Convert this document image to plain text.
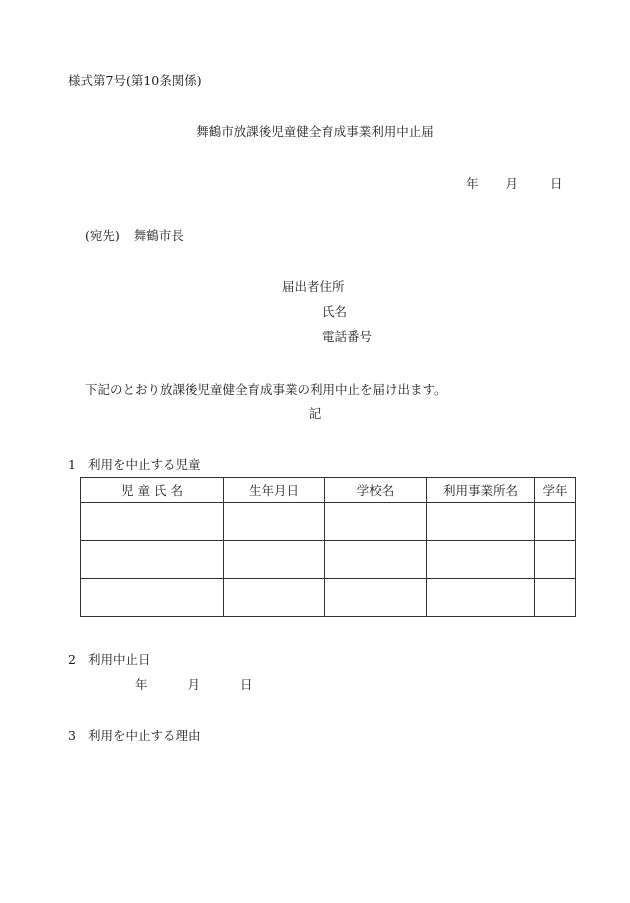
様式第7号(第10条関係)
舞鶴市放課後児童健全育成事業利用中止届
年 月	日
(宛先) 舞鶴市長
届出者住所
氏名
電話番号
下記のとおり放課後児童健全育成事業の利用中止を届け出ます。
記
1 利用を中止する児童
児 童 氏 名	生年月日	学校名	利用事業所名	学年

2 利用中止日
年	月	日
3 利用を中止する理由
